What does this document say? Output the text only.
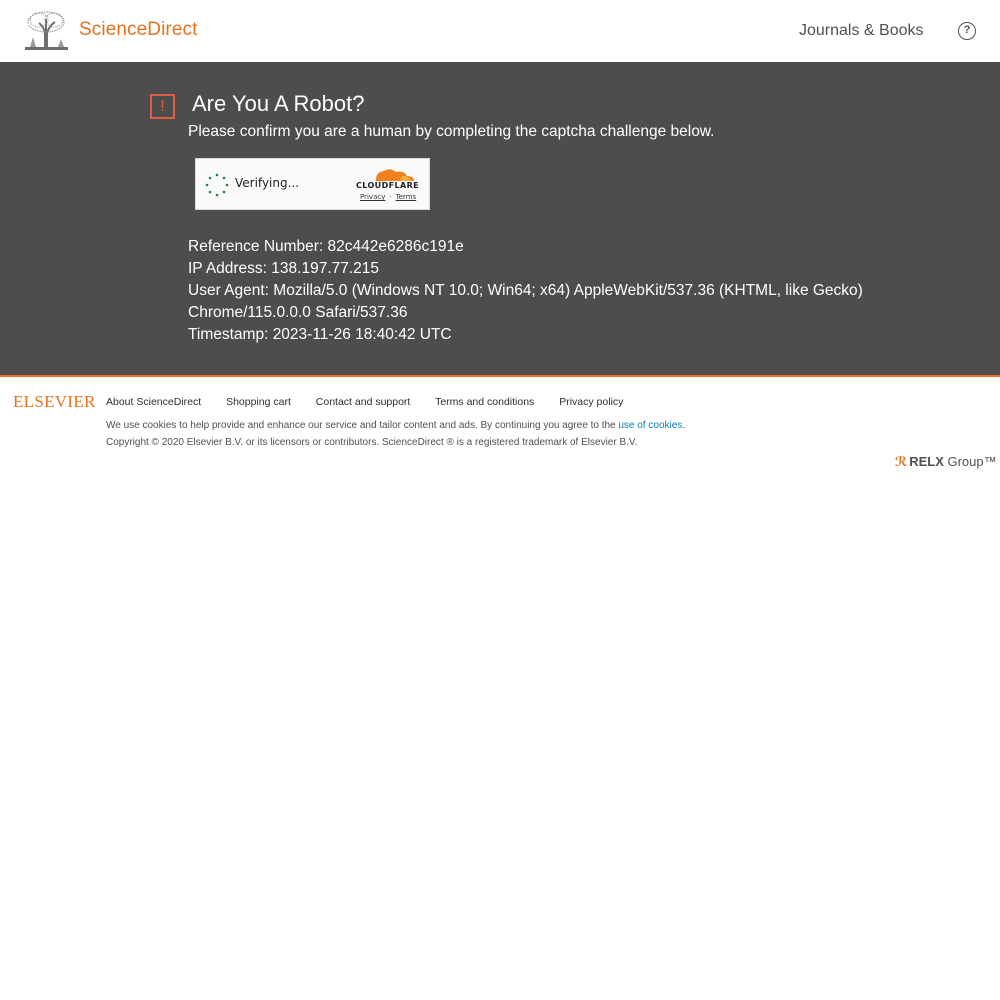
ScienceDirect	Journals & Books	?
!	Are You A Robot?

Please confirm you are a human by completing the captcha challenge below.

Verifying...	CLOUDFLARE
Privacy · Terms
Reference Number: 82c442e6286c191e
IP Address: 138.197.77.215
User Agent: Mozilla/5.0 (Windows NT 10.0; Win64; x64) AppleWebKit/537.36 (KHTML, like Gecko)
Chrome/115.0.0.0 Safari/537.36
Timestamp: 2023-11-26 18:40:42 UTC
ELSEVIER About ScienceDirect Shopping cart Contact and support Terms and conditions Privacy policy
We use cookies to help provide and enhance our service and tailor content and ads. By continuing you agree to the use of cookies.
Copyright © 2020 Elsevier B.V. or its licensors or contributors. ScienceDirect ® is a registered trademark of Elsevier B.V.
ℛ RELX Group™
